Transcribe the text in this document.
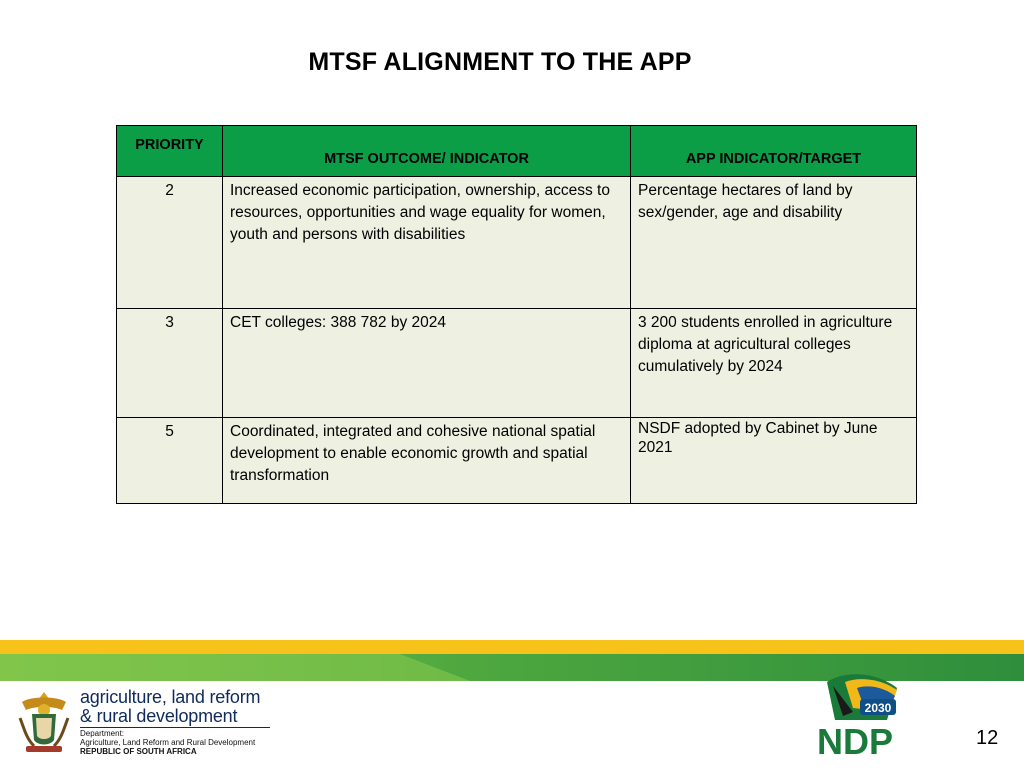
MTSF ALIGNMENT TO THE APP
PRIORITY	MTSF OUTCOME/ INDICATOR	APP INDICATOR/TARGET
2	Increased economic participation, ownership, access to resources, opportunities and wage equality for women, youth and persons with disabilities	Percentage hectares of land by sex/gender, age and disability
3	CET colleges: 388 782 by 2024	3 200 students enrolled in agriculture diploma at agricultural colleges cumulatively by 2024
5	Coordinated, integrated and cohesive national spatial development to enable economic growth and spatial transformation	NSDF adopted by Cabinet by June 2021
agriculture, land reform
& rural development
Department:
Agriculture, Land Reform and Rural Development
REPUBLIC OF SOUTH AFRICA
2030
NDP	12
